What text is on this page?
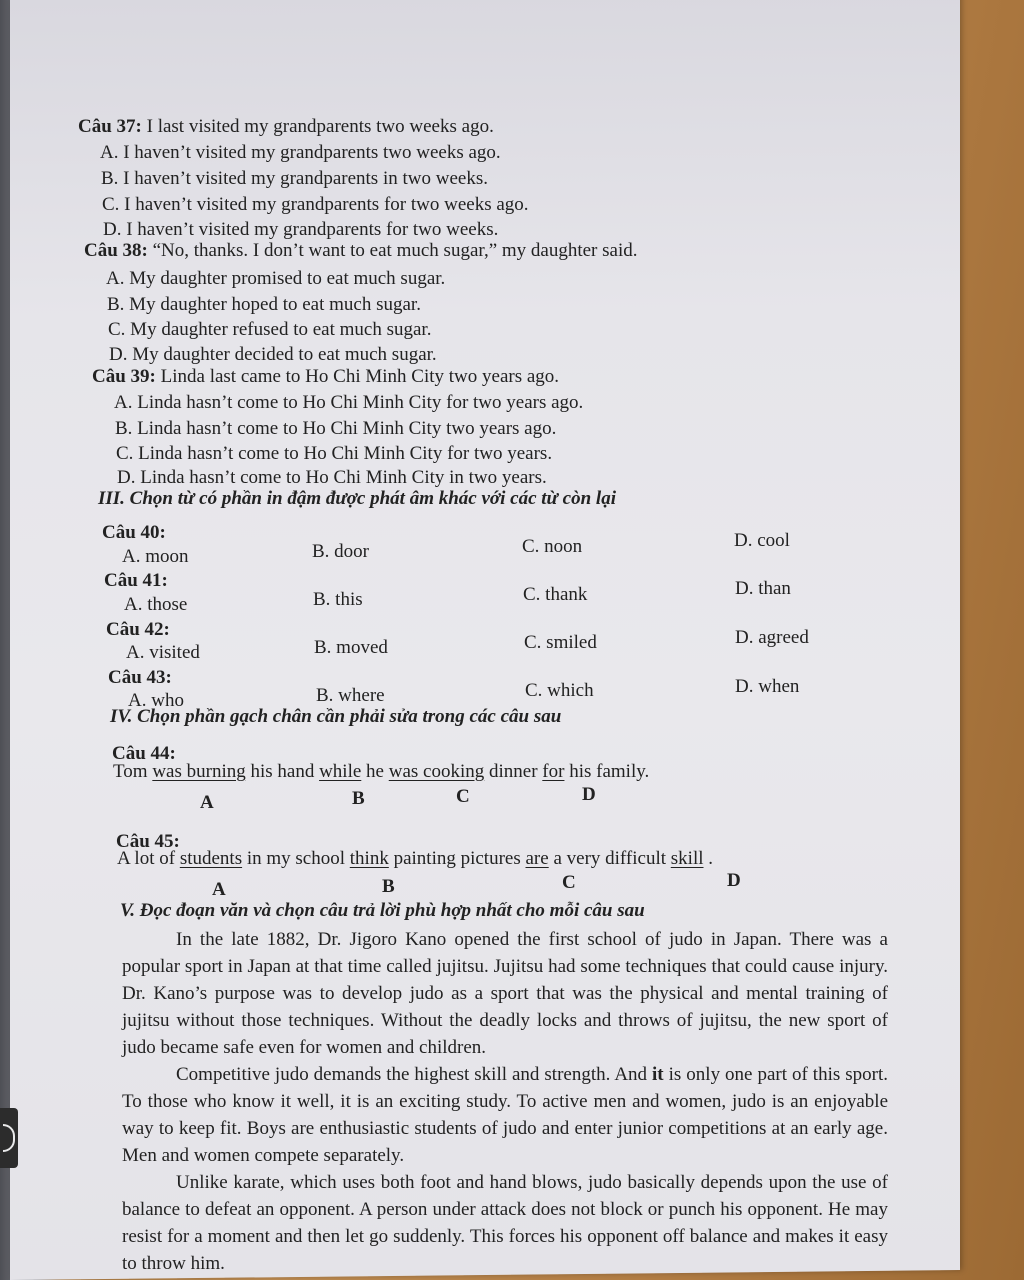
Câu 37: I last visited my grandparents two weeks ago.
A. I haven’t visited my grandparents two weeks ago.
B. I haven’t visited my grandparents in two weeks.
C. I haven’t visited my grandparents for two weeks ago.
D. I haven’t visited my grandparents for two weeks.
Câu 38: “No, thanks. I don’t want to eat much sugar,” my daughter said.
A. My daughter promised to eat much sugar.
B. My daughter hoped to eat much sugar.
C. My daughter refused to eat much sugar.
D. My daughter decided to eat much sugar.
Câu 39: Linda last came to Ho Chi Minh City two years ago.
A. Linda hasn’t come to Ho Chi Minh City for two years ago.
B. Linda hasn’t come to Ho Chi Minh City two years ago.
C. Linda hasn’t come to Ho Chi Minh City for two years.
D. Linda hasn’t come to Ho Chi Minh City in two years.
III. Chọn từ có phần in đậm được phát âm khác với các từ còn lại
Câu 40:
A. moon	B. door	C. noon	D. cool
Câu 41:
A. those	B. this	C. thank	D. than
Câu 42:
A. visited	B. moved	C. smiled	D. agreed
Câu 43:
A. who	B. where	C. which	D. when
IV. Chọn phần gạch chân cần phải sửa trong các câu sau
Câu 44:
Tom was burning his hand while he was cooking dinner for his family.
A	B	C	D
Câu 45:
A lot of students in my school think painting pictures are a very difficult skill .
A	B	C	D
V. Đọc đoạn văn và chọn câu trả lời phù hợp nhất cho mỗi câu sau

In the late 1882, Dr. Jigoro Kano opened the first school of judo in Japan. There was a popular sport in Japan at that time called jujitsu. Jujitsu had some techniques that could cause injury. Dr. Kano’s purpose was to develop judo as a sport that was the physical and mental training of jujitsu without those techniques. Without the deadly locks and throws of jujitsu, the new sport of judo became safe even for women and children.

Competitive judo demands the highest skill and strength. And it is only one part of this sport. To those who know it well, it is an exciting study. To active men and women, judo is an enjoyable way to keep fit. Boys are enthusiastic students of judo and enter junior competitions at an early age. Men and women compete separately.

Unlike karate, which uses both foot and hand blows, judo basically depends upon the use of balance to defeat an opponent. A person under attack does not block or punch his opponent. He may resist for a moment and then let go suddenly. This forces his opponent off balance and makes it easy to throw him.
